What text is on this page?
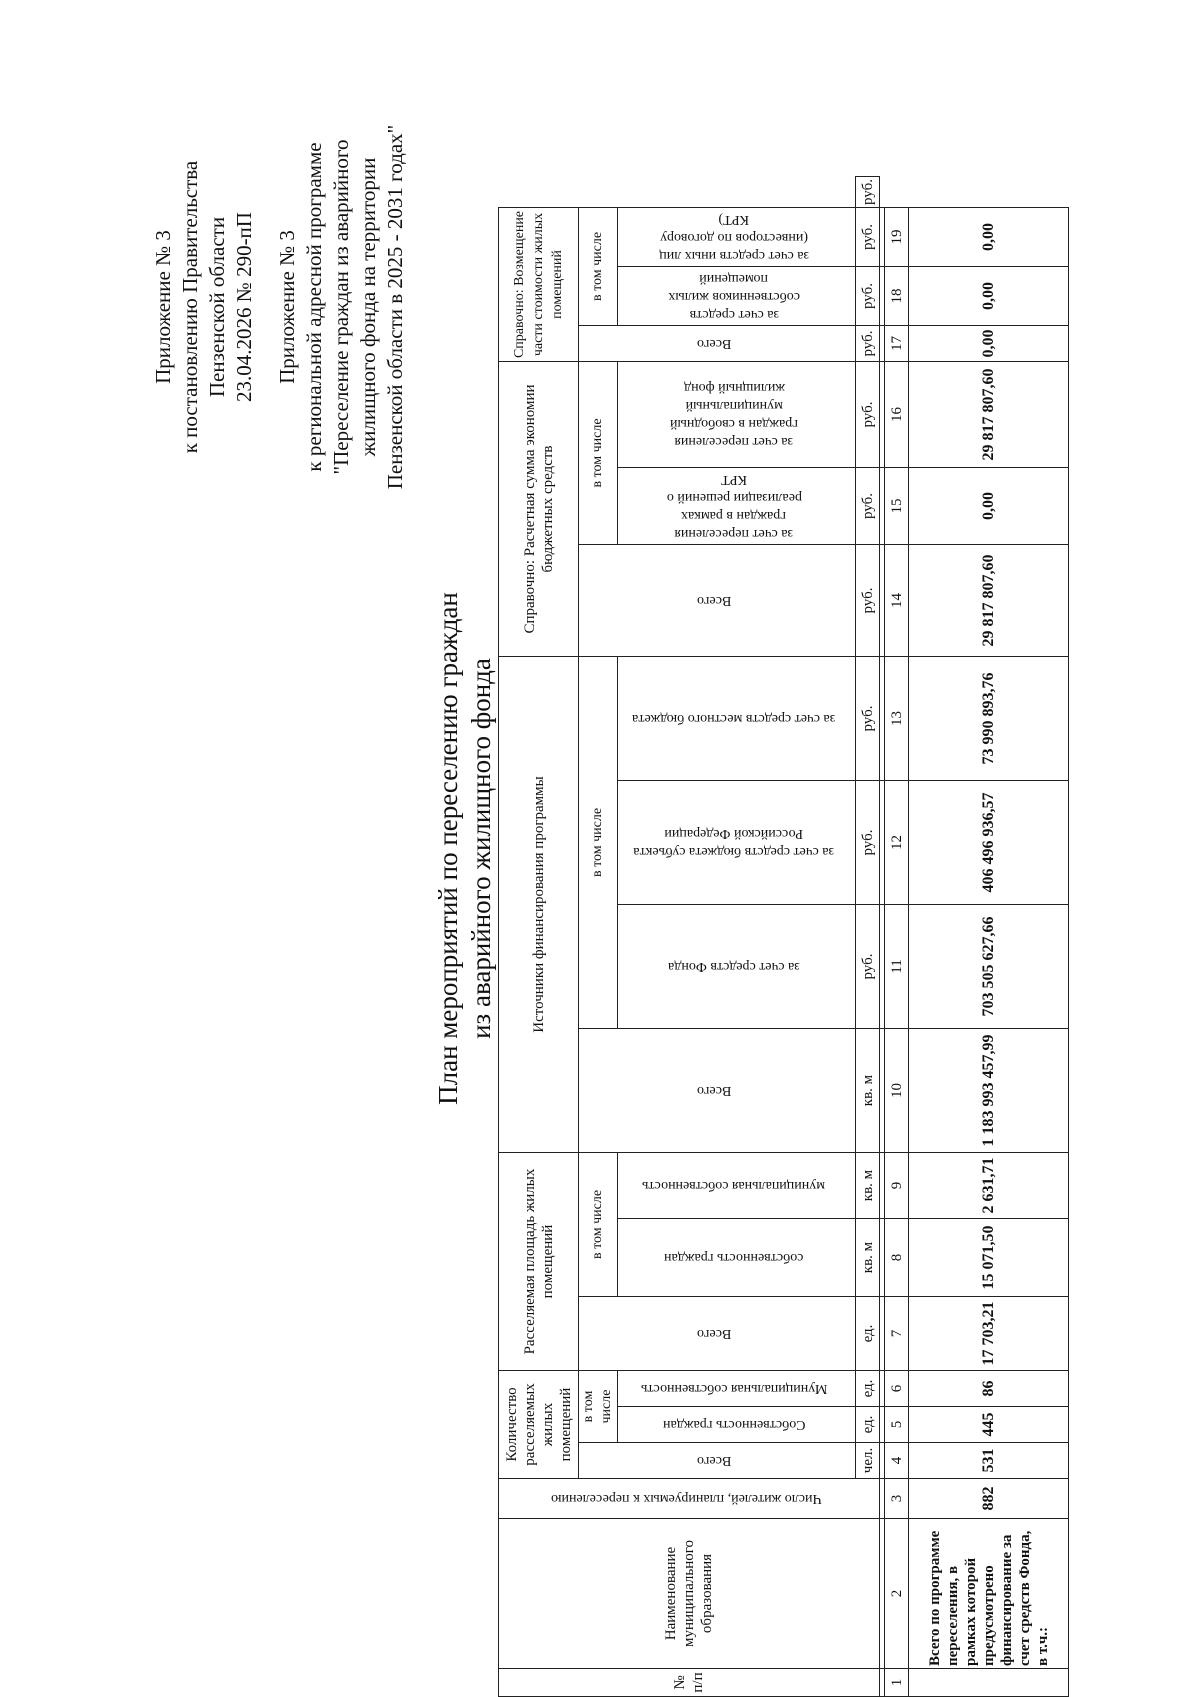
Приложение № 3 к постановлению Правительства Пензенской области 23.04.2026 № 290-пП Приложение № 3 к региональной адресной программе "Переселение граждан из аварийного жилищного фонда на территории Пензенской области в 2025 - 2031 годах"
План мероприятий по переселению граждан из аварийного жилищного фонда
№ п/п	Наименование муниципального образования	Число жителей, планируемых к переселению	Количество расселяемых жилых помещений			Расселяемая площадь жилых помещений			Источники финансирования программы				Справочно: Расчетная сумма экономии бюджетных средств			Справочно: Возмещение части стоимости жилых помещений			
			Всего	в том числе		Всего	в том числе		Всего	в том числе			Всего	в том числе		Всего	в том числе		
				Собственность граждан	Муниципальная собственность		собственность граждан	муниципальная собственность		за счет средств Фонда	за счет средств бюджета субъекта Российской Федерации	за счет средств местного бюджета		за счет переселения граждан в рамках реализации решений о КРТ	за счет переселения граждан в свободный муниципальный жилищный фонд		за счет средств собственников жилых помещений	за счет средств иных лиц (инвесторов по договору КРТ)	
			чел.	ед.	ед.	ед.	кв. м	кв. м	кв. м	руб.	руб.	руб.	руб.	руб.	руб.	руб.	руб.	руб.	руб.

1	2	3	4	5	6	7	8	9	10	11	12	13	14	15	16	17	18	19	
	Всего по программе переселения, в рамках которой предусмотрено финансирование за счет средств Фонда, в т.ч.:	882	531	445	86	17 703,21	15 071,50	2 631,71	1 183 993 457,99	703 505 627,66	406 496 936,57	73 990 893,76	29 817 807,60	0,00	29 817 807,60	0,00	0,00	0,00	
